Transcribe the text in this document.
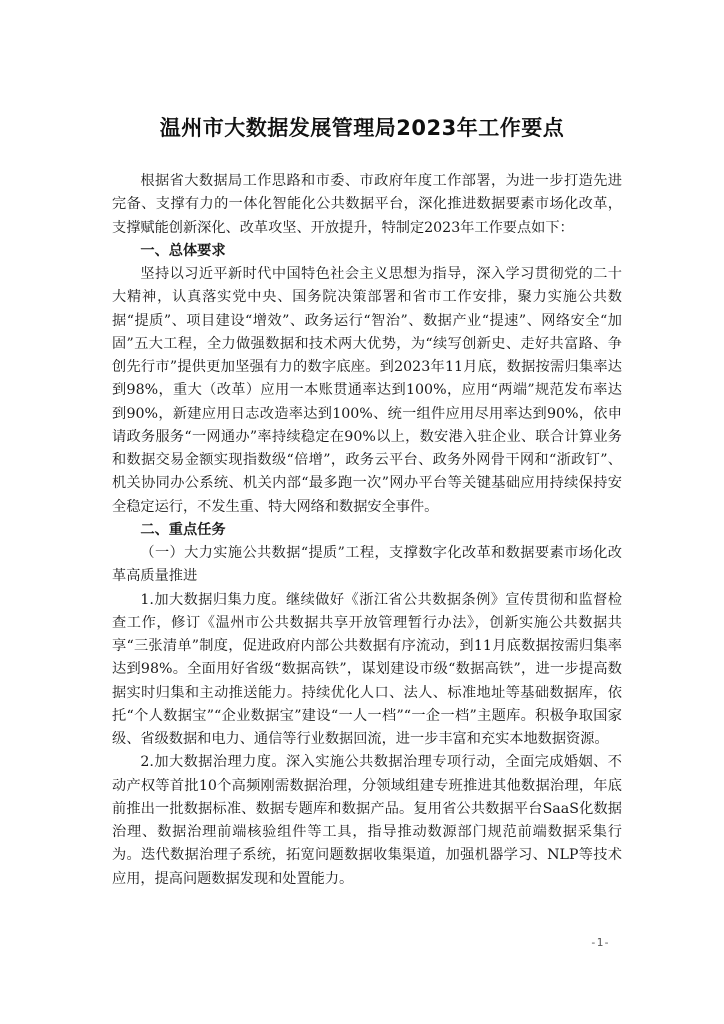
温州市大数据发展管理局2023年工作要点

根据省大数据局工作思路和市委、市政府年度工作部署，为进一步打造先进完备、支撑有力的一体化智能化公共数据平台，深化推进数据要素市场化改革，支撑赋能创新深化、改革攻坚、开放提升，特制定2023年工作要点如下：

一、总体要求

坚持以习近平新时代中国特色社会主义思想为指导，深入学习贯彻党的二十大精神，认真落实党中央、国务院决策部署和省市工作安排，聚力实施公共数据“提质”、项目建设“增效”、政务运行“智治”、数据产业“提速”、网络安全“加固”五大工程，全力做强数据和技术两大优势，为“续写创新史、走好共富路、争创先行市”提供更加坚强有力的数字底座。到2023年11月底，数据按需归集率达到98%，重大（改革）应用一本账贯通率达到100%，应用“两端”规范发布率达到90%，新建应用日志改造率达到100%、统一组件应用尽用率达到90%，依申请政务服务“一网通办”率持续稳定在90%以上，数安港入驻企业、联合计算业务和数据交易金额实现指数级“倍增”，政务云平台、政务外网骨干网和“浙政钉”、机关协同办公系统、机关内部“最多跑一次”网办平台等关键基础应用持续保持安全稳定运行，不发生重、特大网络和数据安全事件。

二、重点任务
（一）大力实施公共数据“提质”工程，支撑数字化改革和数据要素市场化改革高质量推进

1.加大数据归集力度。继续做好《浙江省公共数据条例》宣传贯彻和监督检查工作，修订《温州市公共数据共享开放管理暂行办法》，创新实施公共数据共享“三张清单”制度，促进政府内部公共数据有序流动，到11月底数据按需归集率达到98%。全面用好省级“数据高铁”，谋划建设市级“数据高铁”，进一步提高数据实时归集和主动推送能力。持续优化人口、法人、标准地址等基础数据库，依托“个人数据宝”“企业数据宝”建设“一人一档”“一企一档”主题库。积极争取国家级、省级数据和电力、通信等行业数据回流，进一步丰富和充实本地数据资源。

2.加大数据治理力度。深入实施公共数据治理专项行动，全面完成婚姻、不动产权等首批10个高频刚需数据治理，分领域组建专班推进其他数据治理，年底前推出一批数据标准、数据专题库和数据产品。复用省公共数据平台SaaS化数据治理、数据治理前端核验组件等工具，指导推动数源部门规范前端数据采集行为。迭代数据治理子系统，拓宽问题数据收集渠道，加强机器学习、NLP等技术应用，提高问题数据发现和处置能力。

-1-
